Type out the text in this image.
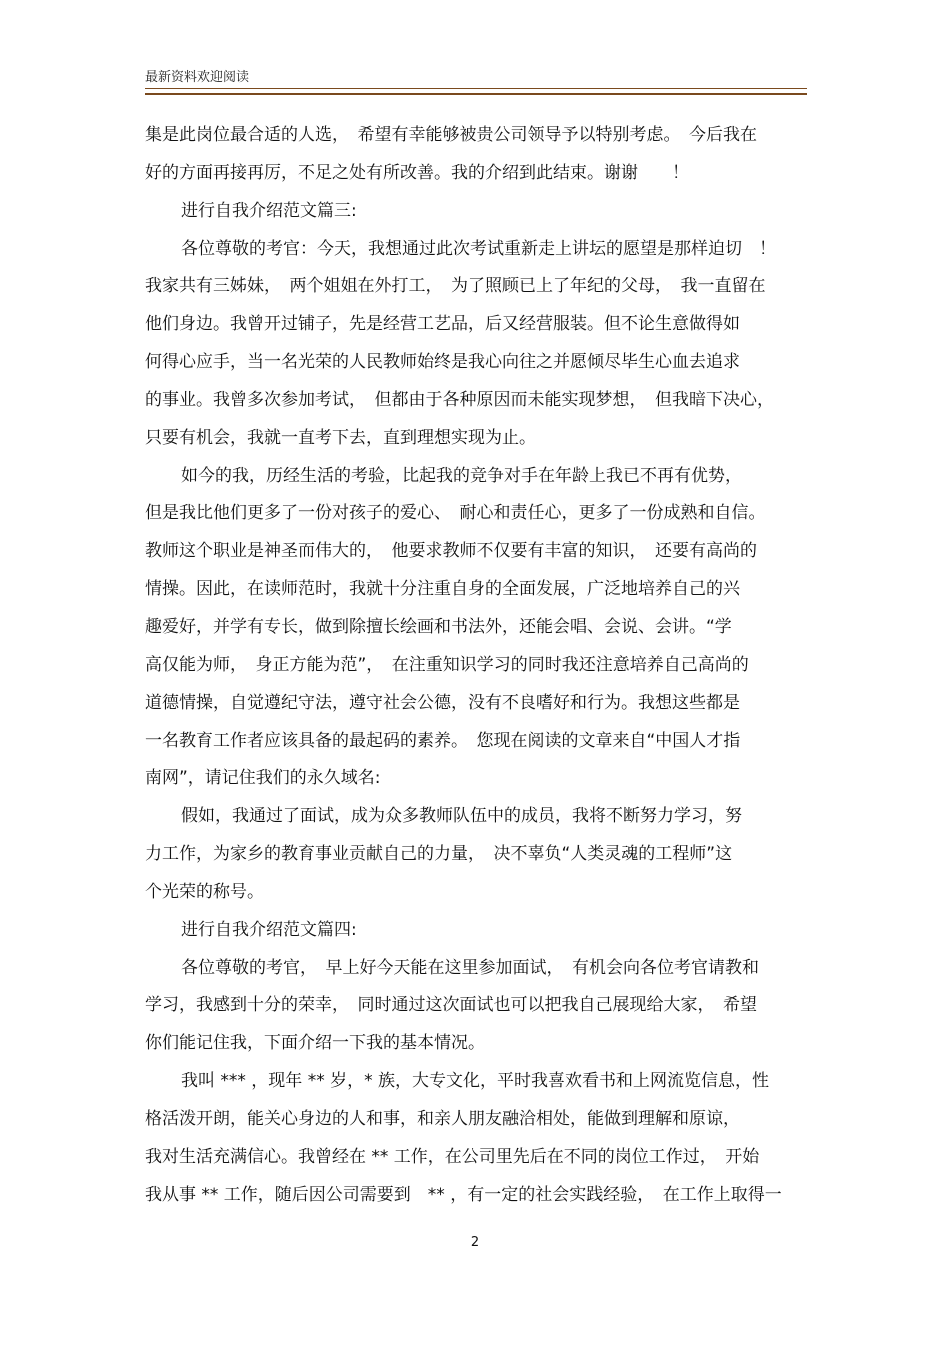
最新资料欢迎阅读
集是此岗位最合适的人选，　希望有幸能够被贵公司领导予以特别考虑。　今后我在
好的方面再接再厉，不足之处有所改善。我的介绍到此结束。谢谢　　！
进行自我介绍范文篇三:
各位尊敬的考官：今天，我想通过此次考试重新走上讲坛的愿望是那样迫切　！
我家共有三姊妹，　两个姐姐在外打工，　为了照顾已上了年纪的父母，　我一直留在
他们身边。我曾开过铺子，先是经营工艺品，后又经营服装。但不论生意做得如
何得心应手，当一名光荣的人民教师始终是我心向往之并愿倾尽毕生心血去追求
的事业。我曾多次参加考试，　但都由于各种原因而未能实现梦想，　但我暗下决心，
只要有机会，我就一直考下去，直到理想实现为止。
如今的我，历经生活的考验，比起我的竞争对手在年龄上我已不再有优势，
但是我比他们更多了一份对孩子的爱心、　耐心和责任心，更多了一份成熟和自信。
教师这个职业是神圣而伟大的，　他要求教师不仅要有丰富的知识，　还要有高尚的
情操。因此，在读师范时，我就十分注重自身的全面发展，广泛地培养自己的兴
趣爱好，并学有专长，做到除擅长绘画和书法外，还能会唱、会说、会讲。“学
高仅能为师，　身正方能为范”，　在注重知识学习的同时我还注意培养自己高尚的
道德情操，自觉遵纪守法，遵守社会公德，没有不良嗜好和行为。我想这些都是
一名教育工作者应该具备的最起码的素养。　您现在阅读的文章来自“中国人才指
南网”，请记住我们的永久域名:
假如，我通过了面试，成为众多教师队伍中的成员，我将不断努力学习，努
力工作，为家乡的教育事业贡献自己的力量，　决不辜负“人类灵魂的工程师”这
个光荣的称号。
进行自我介绍范文篇四:
各位尊敬的考官，　早上好今天能在这里参加面试，　有机会向各位考官请教和
学习，我感到十分的荣幸，　同时通过这次面试也可以把我自己展现给大家，　希望
你们能记住我，下面介绍一下我的基本情况。
我叫 *** ，现年 ** 岁，* 族，大专文化，平时我喜欢看书和上网流览信息，性
格活泼开朗，能关心身边的人和事，和亲人朋友融洽相处，能做到理解和原谅，
我对生活充满信心。我曾经在 ** 工作，在公司里先后在不同的岗位工作过，　开始
我从事 ** 工作，随后因公司需要到　** ，有一定的社会实践经验，　在工作上取得一
2
